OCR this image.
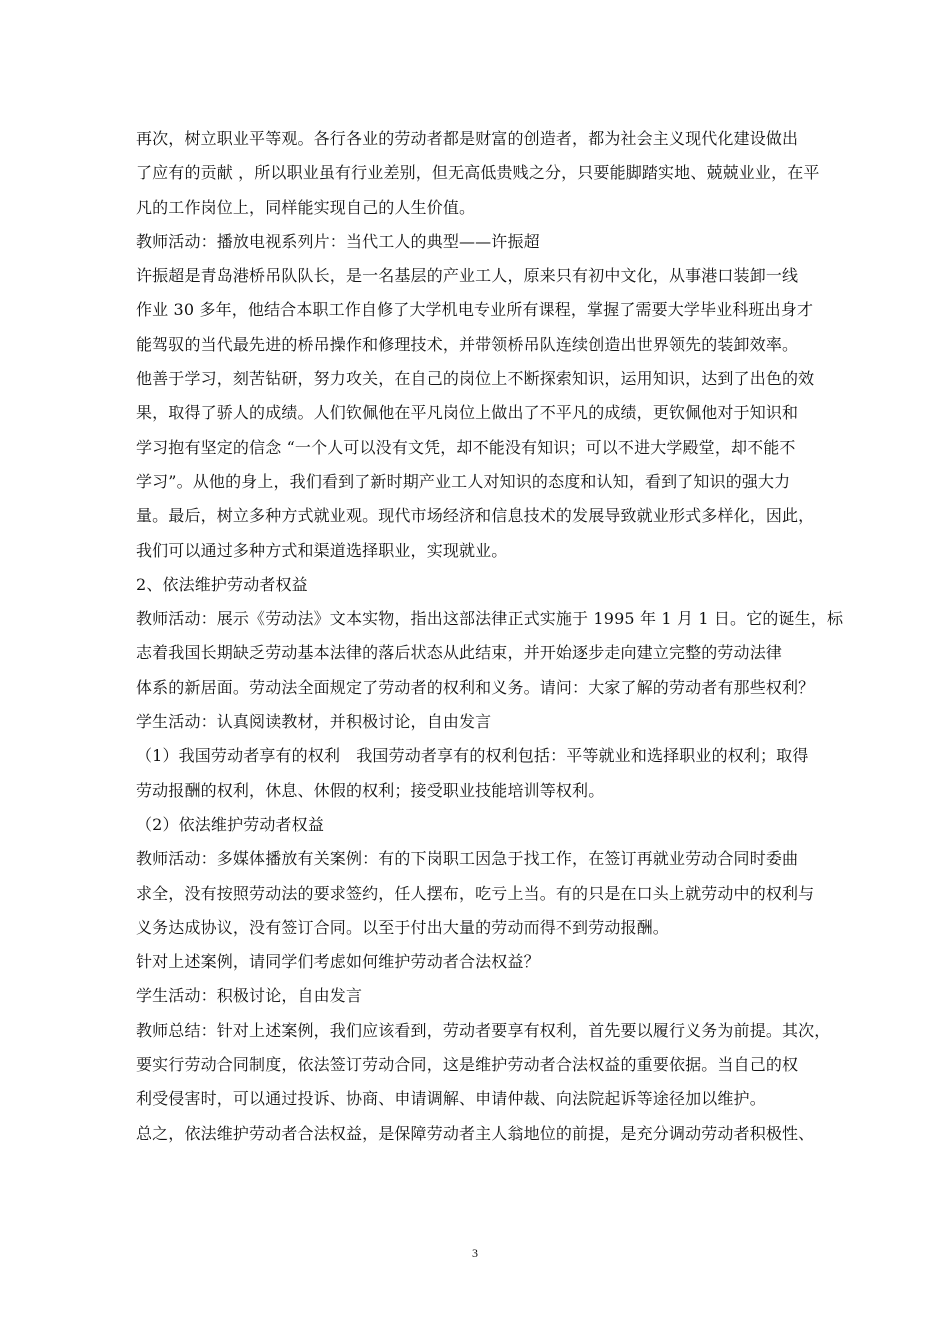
再次，树立职业平等观。各行各业的劳动者都是财富的创造者，都为社会主义现代化建设做出
了应有的贡献 ，所以职业虽有行业差别，但无高低贵贱之分，只要能脚踏实地、兢兢业业，在平
凡的工作岗位上，同样能实现自己的人生价值。
教师活动：播放电视系列片：当代工人的典型——许振超
许振超是青岛港桥吊队队长，是一名基层的产业工人，原来只有初中文化，从事港口装卸一线
作业 30 多年，他结合本职工作自修了大学机电专业所有课程，掌握了需要大学毕业科班出身才
能驾驭的当代最先进的桥吊操作和修理技术，并带领桥吊队连续创造出世界领先的装卸效率。
他善于学习，刻苦钻研，努力攻关，在自己的岗位上不断探索知识，运用知识，达到了出色的效
果，取得了骄人的成绩。人们钦佩他在平凡岗位上做出了不平凡的成绩，更钦佩他对于知识和
学习抱有坚定的信念 “一个人可以没有文凭，却不能没有知识；可以不进大学殿堂，却不能不
学习”。从他的身上，我们看到了新时期产业工人对知识的态度和认知，看到了知识的强大力
量。最后，树立多种方式就业观。现代市场经济和信息技术的发展导致就业形式多样化，因此，
我们可以通过多种方式和渠道选择职业，实现就业。
2、依法维护劳动者权益
教师活动：展示《劳动法》文本实物，指出这部法律正式实施于 1995 年 1 月 1 日。它的诞生，标
志着我国长期缺乏劳动基本法律的落后状态从此结束，并开始逐步走向建立完整的劳动法律
体系的新居面。劳动法全面规定了劳动者的权利和义务。请问：大家了解的劳动者有那些权利？
学生活动：认真阅读教材，并积极讨论，自由发言
（1）我国劳动者享有的权利　我国劳动者享有的权利包括：平等就业和选择职业的权利；取得
劳动报酬的权利，休息、休假的权利；接受职业技能培训等权利。
（2）依法维护劳动者权益
教师活动：多媒体播放有关案例：有的下岗职工因急于找工作，在签订再就业劳动合同时委曲
求全，没有按照劳动法的要求签约，任人摆布，吃亏上当。有的只是在口头上就劳动中的权利与
义务达成协议，没有签订合同。以至于付出大量的劳动而得不到劳动报酬。
针对上述案例，请同学们考虑如何维护劳动者合法权益？
学生活动：积极讨论，自由发言
教师总结：针对上述案例，我们应该看到，劳动者要享有权利，首先要以履行义务为前提。其次，
要实行劳动合同制度，依法签订劳动合同，这是维护劳动者合法权益的重要依据。当自己的权
利受侵害时，可以通过投诉、协商、申请调解、申请仲裁、向法院起诉等途径加以维护。
总之，依法维护劳动者合法权益，是保障劳动者主人翁地位的前提，是充分调动劳动者积极性、
3
